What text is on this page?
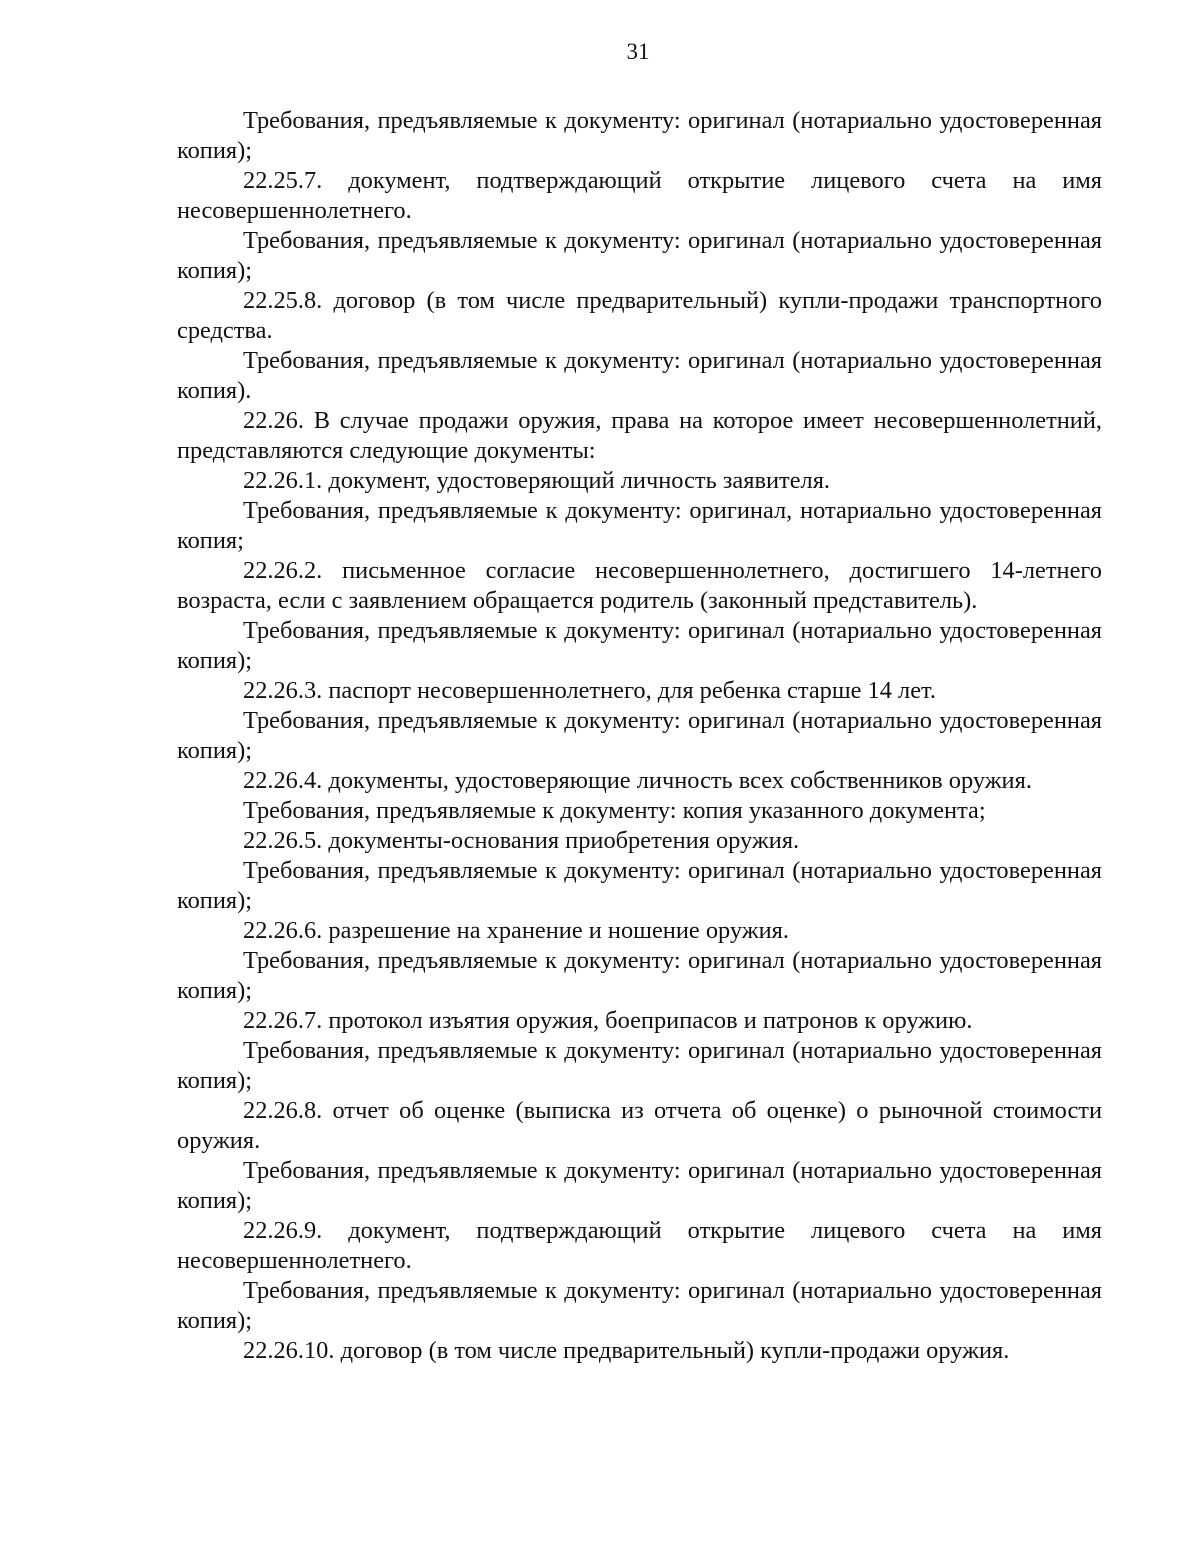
31

Требования, предъявляемые к документу: оригинал (нотариально удостоверенная копия);

22.25.7. документ, подтверждающий открытие лицевого счета на имя несовершеннолетнего.

Требования, предъявляемые к документу: оригинал (нотариально удостоверенная копия);

22.25.8. договор (в том числе предварительный) купли-продажи транспортного средства.

Требования, предъявляемые к документу: оригинал (нотариально удостоверенная копия).

22.26. В случае продажи оружия, права на которое имеет несовершеннолетний, представляются следующие документы:

22.26.1. документ, удостоверяющий личность заявителя.

Требования, предъявляемые к документу: оригинал, нотариально удостоверенная копия;

22.26.2. письменное согласие несовершеннолетнего, достигшего 14-летнего возраста, если с заявлением обращается родитель (законный представитель).

Требования, предъявляемые к документу: оригинал (нотариально удостоверенная копия);

22.26.3. паспорт несовершеннолетнего, для ребенка старше 14 лет.

Требования, предъявляемые к документу: оригинал (нотариально удостоверенная копия);

22.26.4. документы, удостоверяющие личность всех собственников оружия.

Требования, предъявляемые к документу: копия указанного документа;

22.26.5. документы-основания приобретения оружия.

Требования, предъявляемые к документу: оригинал (нотариально удостоверенная копия);

22.26.6. разрешение на хранение и ношение оружия.

Требования, предъявляемые к документу: оригинал (нотариально удостоверенная копия);

22.26.7. протокол изъятия оружия, боеприпасов и патронов к оружию.

Требования, предъявляемые к документу: оригинал (нотариально удостоверенная копия);

22.26.8. отчет об оценке (выписка из отчета об оценке) о рыночной стоимости оружия.

Требования, предъявляемые к документу: оригинал (нотариально удостоверенная копия);

22.26.9. документ, подтверждающий открытие лицевого счета на имя несовершеннолетнего.

Требования, предъявляемые к документу: оригинал (нотариально удостоверенная копия);

22.26.10. договор (в том числе предварительный) купли-продажи оружия.
